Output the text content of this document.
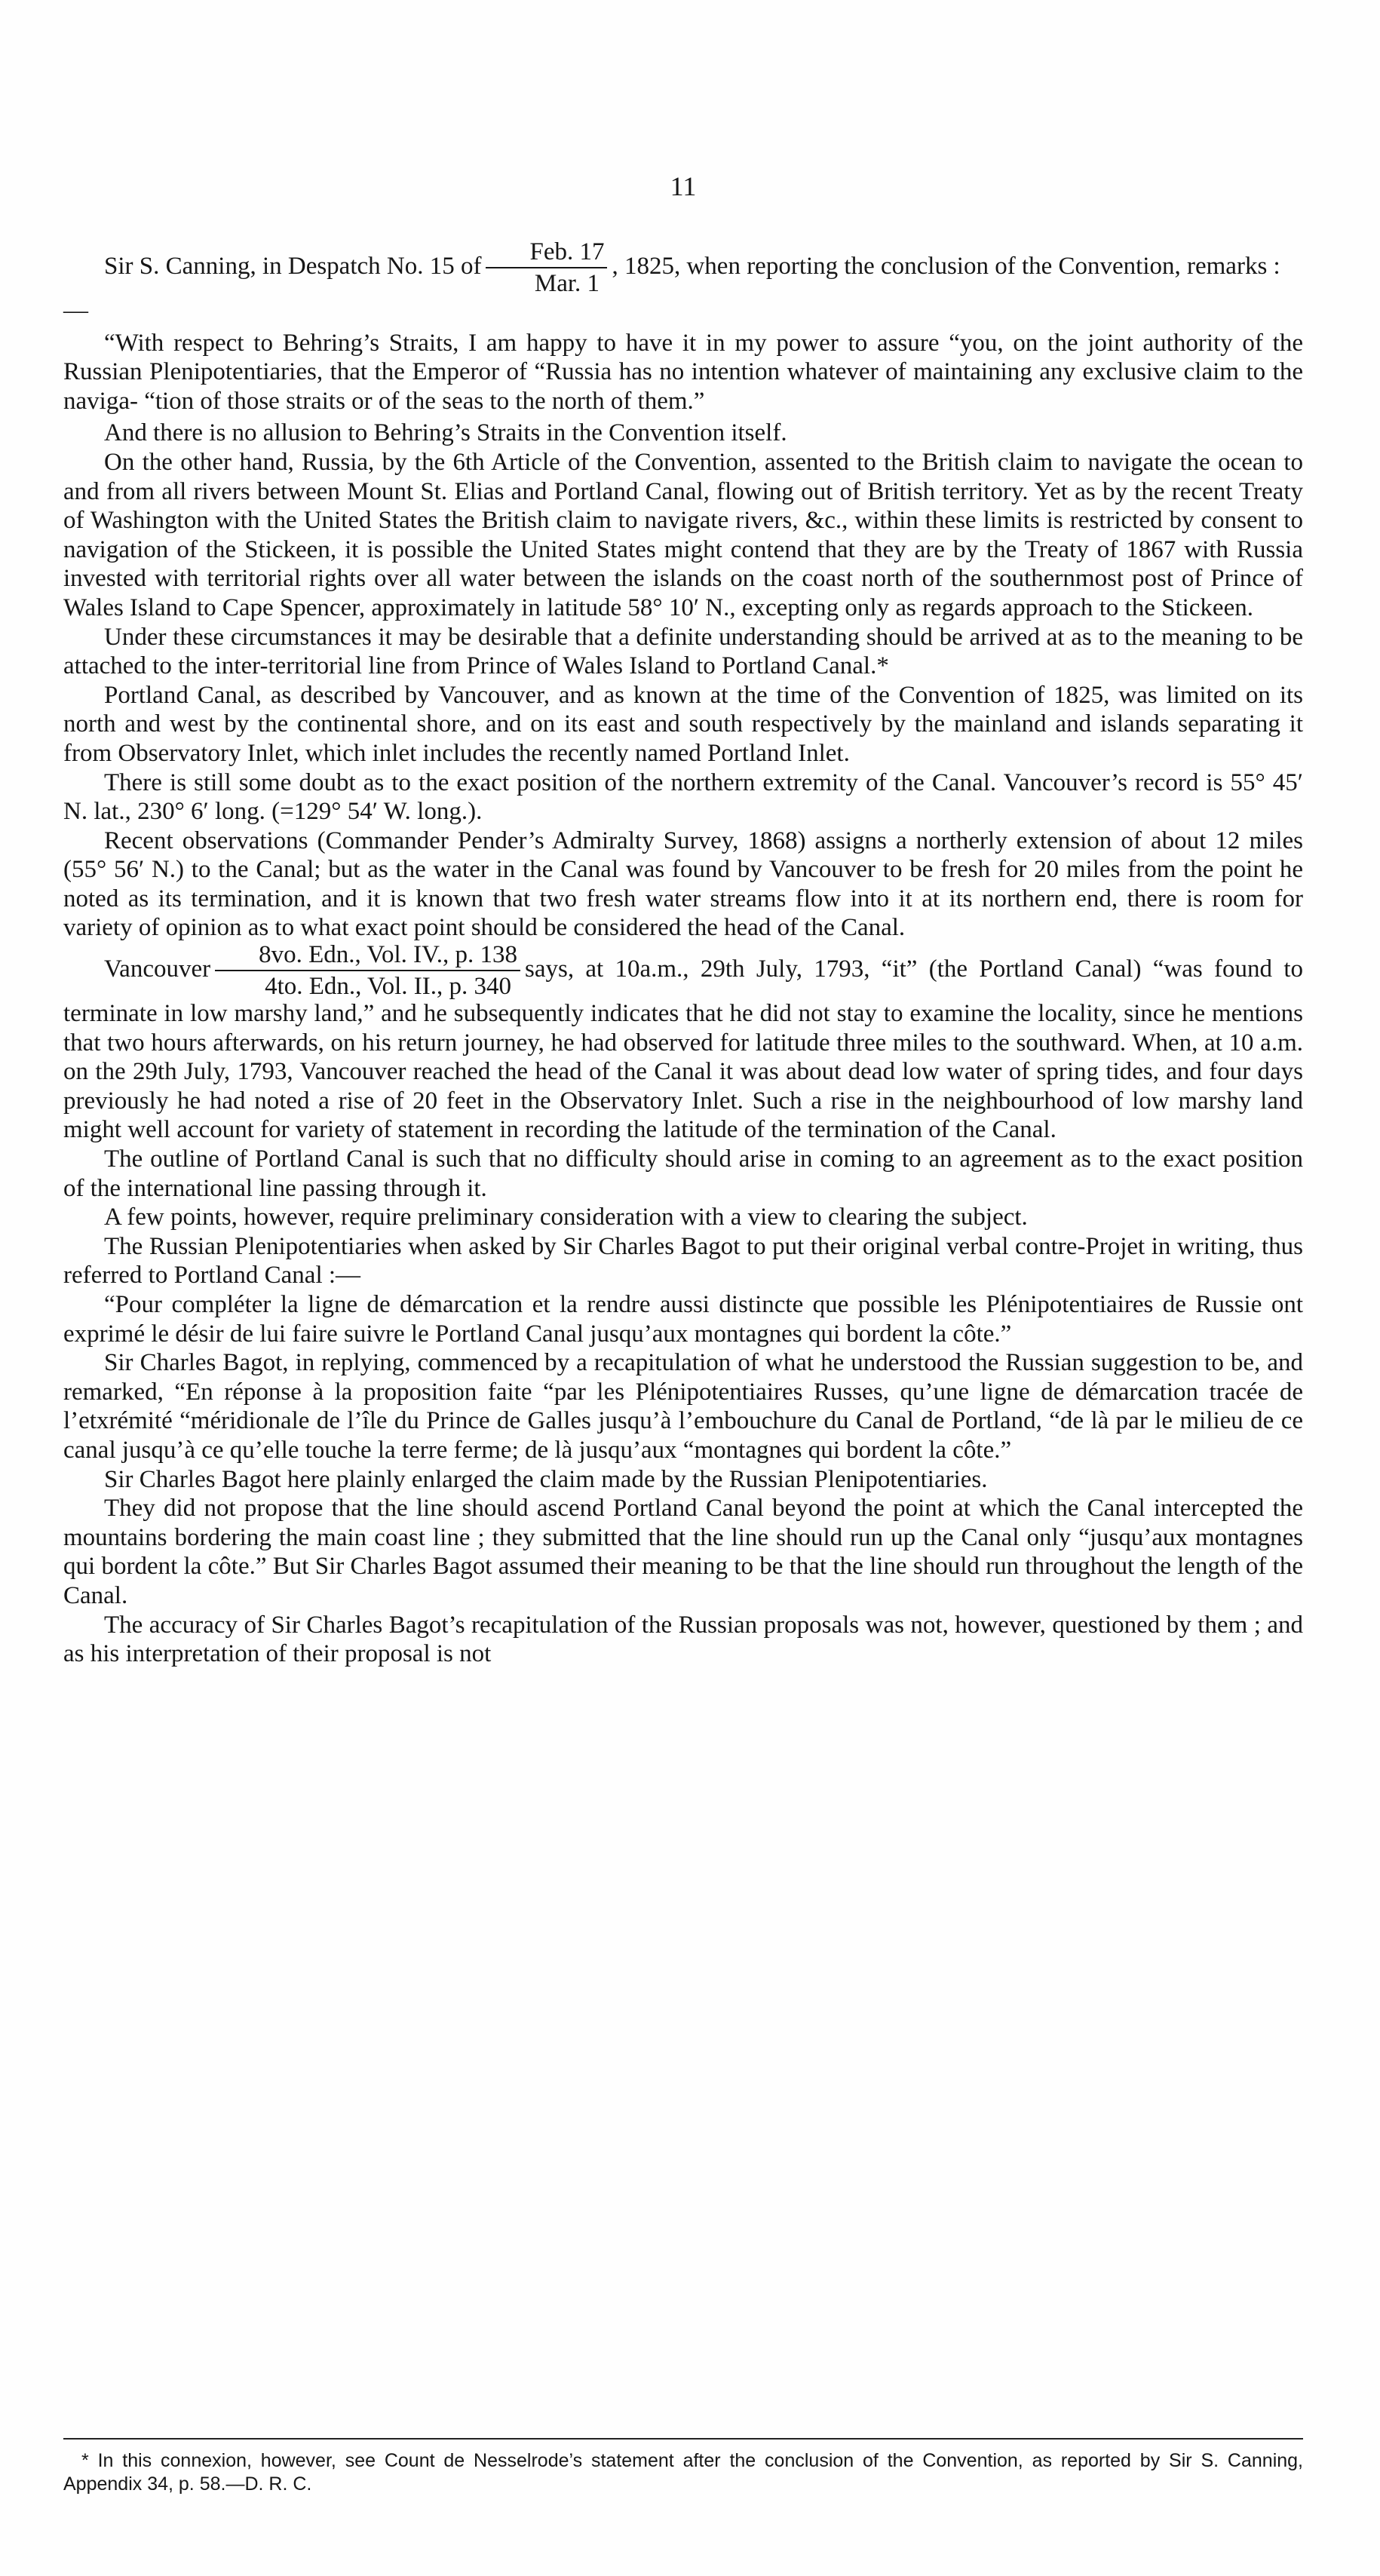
11

Sir S. Canning, in Despatch No. 15 of $\frac{\text{Feb. 17}}{\text{Mar. 1}}$ , 1825, when reporting the conclusion of the Convention, remarks :—

“With respect to Behring’s Straits, I am happy to have it in my power to assure “you, on the joint authority of the Russian Plenipotentiaries, that the Emperor of “Russia has no intention whatever of maintaining any exclusive claim to the naviga- “tion of those straits or of the seas to the north of them.”

And there is no allusion to Behring’s Straits in the Convention itself.

On the other hand, Russia, by the 6th Article of the Convention, assented to the British claim to navigate the ocean to and from all rivers between Mount St. Elias and Portland Canal, flowing out of British territory. Yet as by the recent Treaty of Washington with the United States the British claim to navigate rivers, &c., within these limits is restricted by consent to navigation of the Stickeen, it is possible the United States might contend that they are by the Treaty of 1867 with Russia invested with territorial rights over all water between the islands on the coast north of the southernmost post of Prince of Wales Island to Cape Spencer, approximately in latitude 58° 10′ N., excepting only as regards approach to the Stickeen.

Under these circumstances it may be desirable that a definite understanding should be arrived at as to the meaning to be attached to the inter-territorial line from Prince of Wales Island to Portland Canal.*

Portland Canal, as described by Vancouver, and as known at the time of the Convention of 1825, was limited on its north and west by the continental shore, and on its east and south respectively by the mainland and islands separating it from Observatory Inlet, which inlet includes the recently named Portland Inlet.

There is still some doubt as to the exact position of the northern extremity of the Canal. Vancouver’s record is 55° 45′ N. lat., 230° 6′ long. (=129° 54′ W. long.).

Recent observations (Commander Pender’s Admiralty Survey, 1868) assigns a northerly extension of about 12 miles (55° 56′ N.) to the Canal; but as the water in the Canal was found by Vancouver to be fresh for 20 miles from the point he noted as its termination, and it is known that two fresh water streams flow into it at its northern end, there is room for variety of opinion as to what exact point should be considered the head of the Canal.

Vancouver $\frac{\text{8vo. Edn., Vol. IV., p. 138}}{\text{4to. Edn., Vol. II., p. 340}}$ says, at 10a.m., 29th July, 1793, “it” (the Portland Canal) “was found to terminate in low marshy land,” and he subsequently indicates that he did not stay to examine the locality, since he mentions that two hours afterwards, on his return journey, he had observed for latitude three miles to the southward. When, at 10 a.m. on the 29th July, 1793, Vancouver reached the head of the Canal it was about dead low water of spring tides, and four days previously he had noted a rise of 20 feet in the Observatory Inlet. Such a rise in the neighbourhood of low marshy land might well account for variety of statement in recording the latitude of the termination of the Canal.

The outline of Portland Canal is such that no difficulty should arise in coming to an agreement as to the exact position of the international line passing through it.

A few points, however, require preliminary consideration with a view to clearing the subject.

The Russian Plenipotentiaries when asked by Sir Charles Bagot to put their original verbal contre-Projet in writing, thus referred to Portland Canal :—

“Pour compléter la ligne de démarcation et la rendre aussi distincte que possible les Plénipotentiaires de Russie ont exprimé le désir de lui faire suivre le Portland Canal jusqu’aux montagnes qui bordent la côte.”

Sir Charles Bagot, in replying, commenced by a recapitulation of what he understood the Russian suggestion to be, and remarked, “En réponse à la proposition faite “par les Plénipotentiaires Russes, qu’une ligne de démarcation tracée de l’etxrémité “méridionale de l’île du Prince de Galles jusqu’à l’embouchure du Canal de Portland, “de là par le milieu de ce canal jusqu’à ce qu’elle touche la terre ferme; de là jusqu’aux “montagnes qui bordent la côte.”

Sir Charles Bagot here plainly enlarged the claim made by the Russian Plenipotentiaries.

They did not propose that the line should ascend Portland Canal beyond the point at which the Canal intercepted the mountains bordering the main coast line ; they submitted that the line should run up the Canal only “jusqu’aux montagnes qui bordent la côte.” But Sir Charles Bagot assumed their meaning to be that the line should run throughout the length of the Canal.

The accuracy of Sir Charles Bagot’s recapitulation of the Russian proposals was not, however, questioned by them ; and as his interpretation of their proposal is not

* In this connexion, however, see Count de Nesselrode’s statement after the conclusion of the Convention, as reported by Sir S. Canning, Appendix 34, p. 58.—D. R. C.
